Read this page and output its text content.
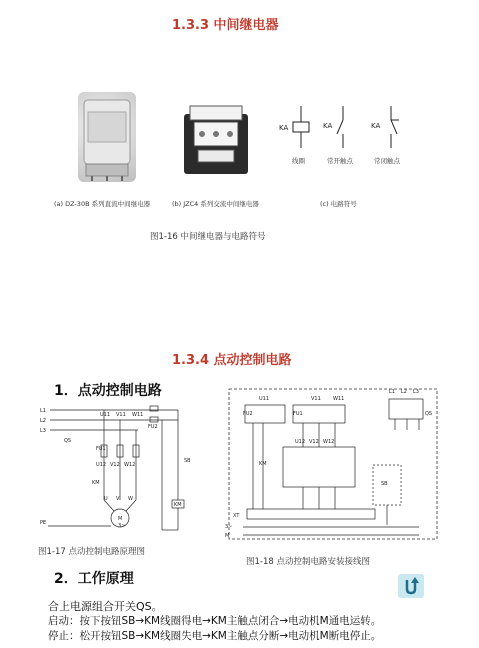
1.3.3 中间继电器
KA	KA	KA
线圈	常开触点	常闭触点
(a) DZ-30B 系列直流中间继电器	(b) JZC4 系列交流中间继电器	(c) 电路符号
图1-16 中间继电器与电路符号
1.3.4 点动控制电路
1．点动控制电路
L1
L2
L3
QS
U11 V11 W11
FU1
FU2
U12 V12 W12
KM
U V W
PE
SB
KM
M
3~
L1 L2 L3
QS
U11	V11 W11
FU2	FU1
U12 V12 W12
KM
SB
XT
M
3~
图1-17 点动控制电路原理图
图1-18 点动控制电路安装接线图
2．工作原理
合上电源组合开关QS。
启动：按下按钮SB→KM线圈得电→KM主触点闭合→电动机M通电运转。
停止：松开按钮SB→KM线圈失电→KM主触点分断→电动机M断电停止。
